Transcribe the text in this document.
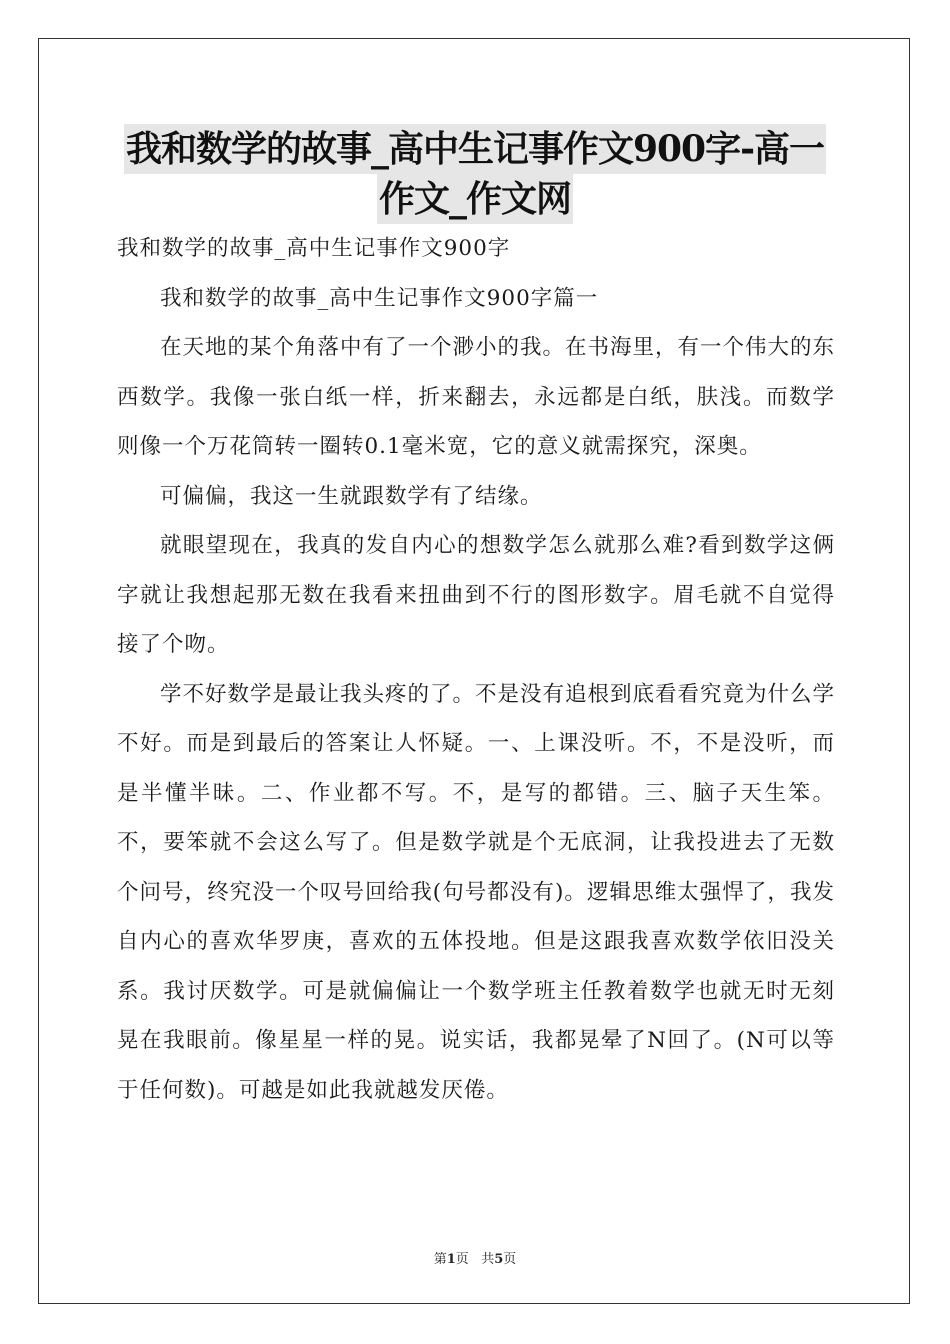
我和数学的故事_高中生记事作文900字-高一
作文_作文网

我和数学的故事_高中生记事作文900字

我和数学的故事_高中生记事作文900字篇一

在天地的某个角落中有了一个渺小的我。在书海里，有一个伟大的东西数学。我像一张白纸一样，折来翻去，永远都是白纸，肤浅。而数学则像一个万花筒转一圈转0.1毫米宽，它的意义就需探究，深奥。

可偏偏，我这一生就跟数学有了结缘。

就眼望现在，我真的发自内心的想数学怎么就那么难?看到数学这俩字就让我想起那无数在我看来扭曲到不行的图形数字。眉毛就不自觉得接了个吻。

学不好数学是最让我头疼的了。不是没有追根到底看看究竟为什么学不好。而是到最后的答案让人怀疑。一、上课没听。不，不是没听，而是半懂半昧。二、作业都不写。不，是写的都错。三、脑子天生笨。不，要笨就不会这么写了。但是数学就是个无底洞，让我投进去了无数个问号，终究没一个叹号回给我(句号都没有)。逻辑思维太强悍了，我发自内心的喜欢华罗庚，喜欢的五体投地。但是这跟我喜欢数学依旧没关系。我讨厌数学。可是就偏偏让一个数学班主任教着数学也就无时无刻晃在我眼前。像星星一样的晃。说实话，我都晃晕了N回了。(N可以等于任何数)。可越是如此我就越发厌倦。

第1页 共5页
